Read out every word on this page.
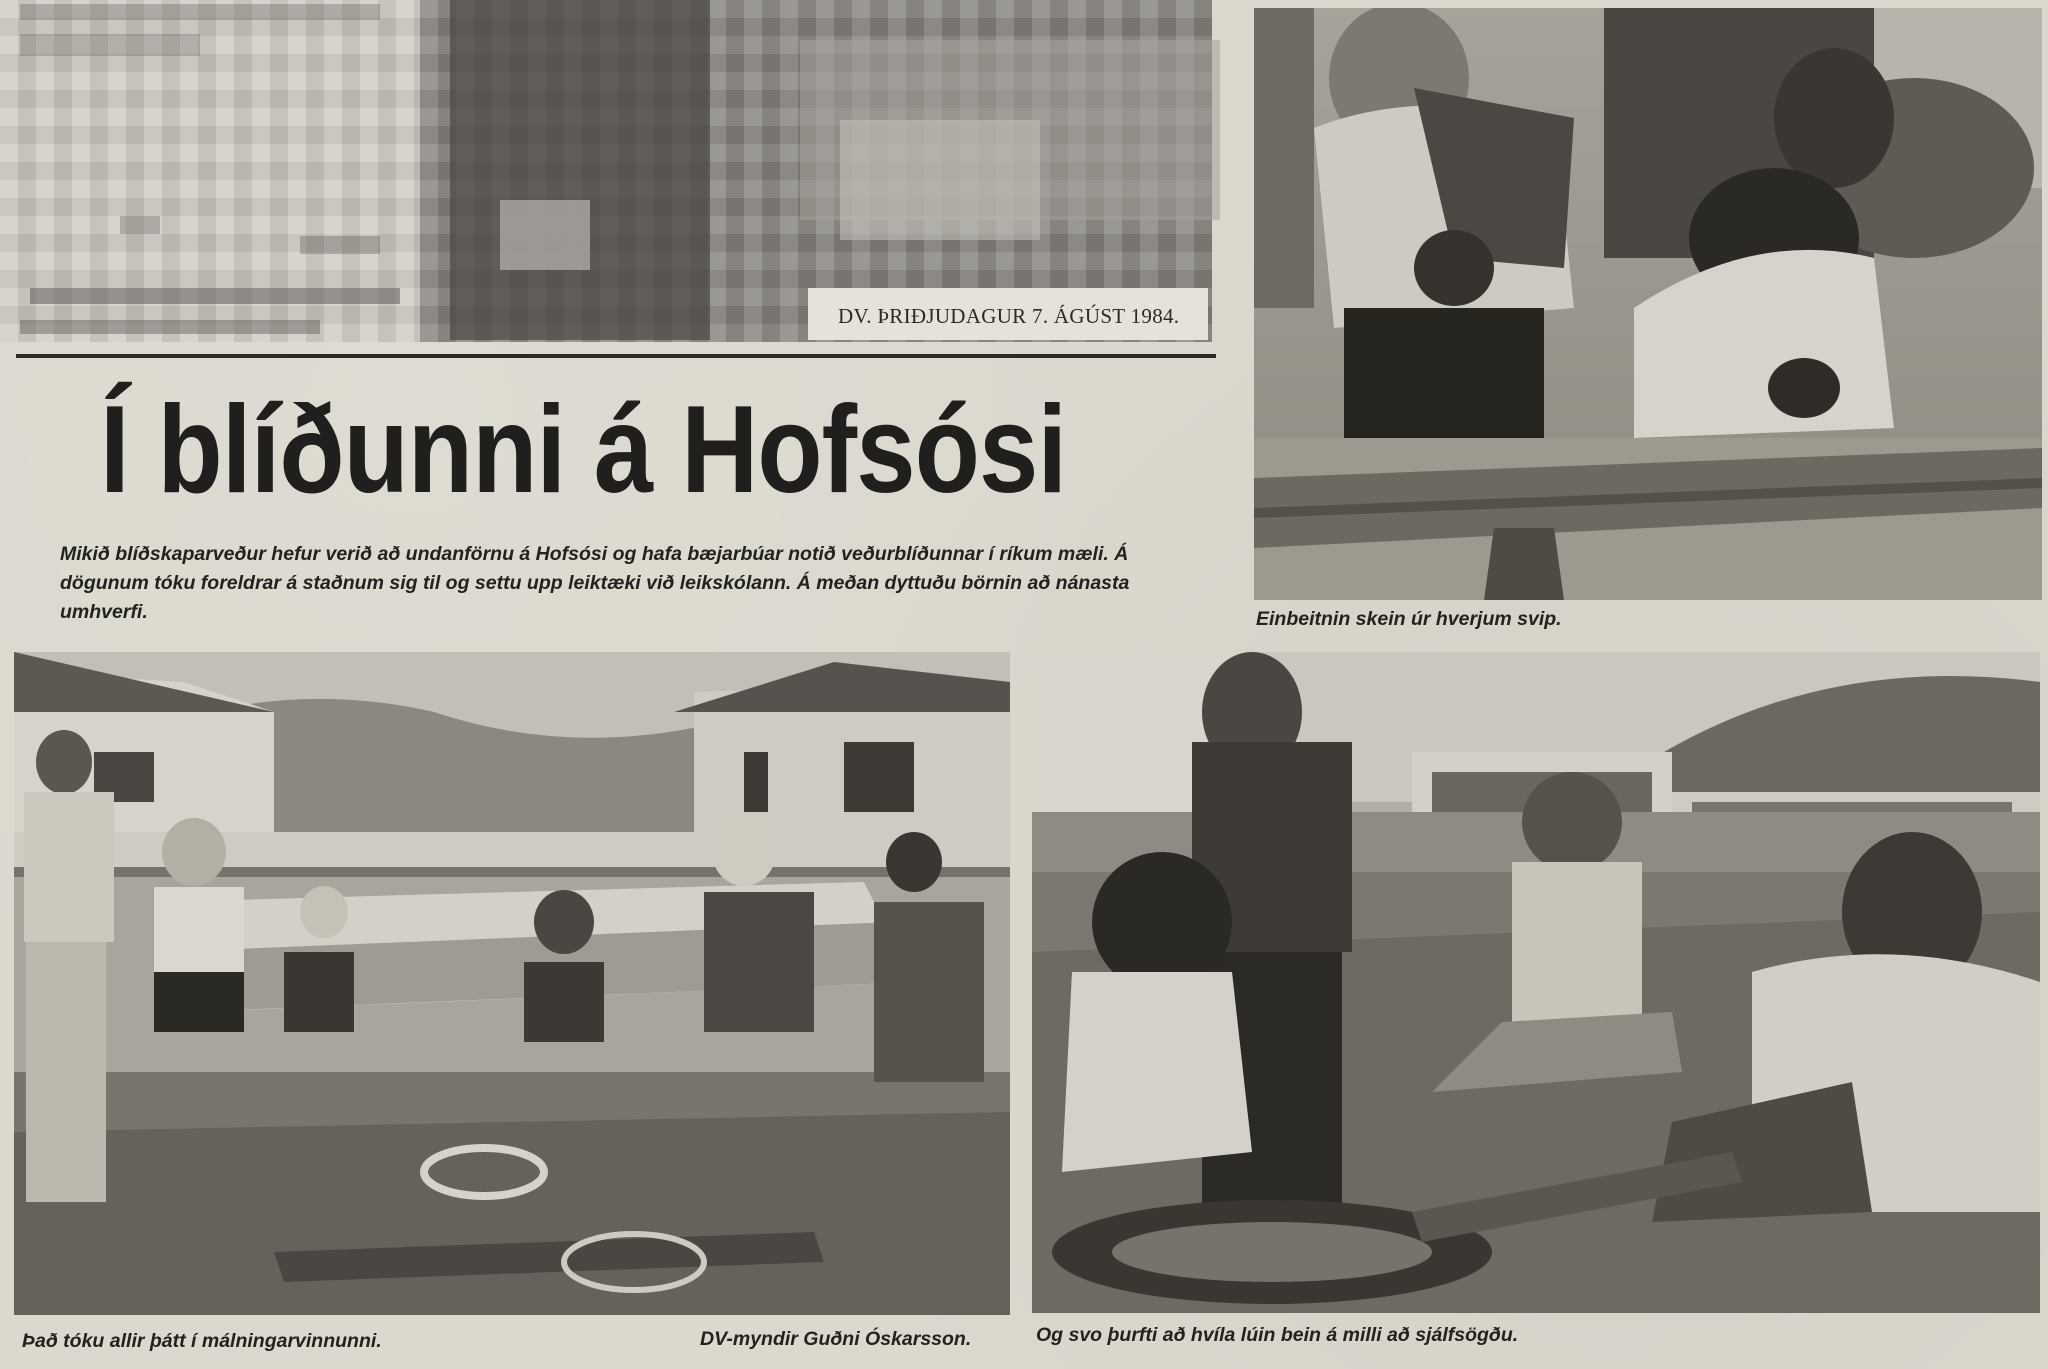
DV. ÞRIÐJUDAGUR 7. ÁGÚST 1984.
Í blíðunni á Hofsósi
Mikið blíðskaparveður hefur verið að undanförnu á Hofsósi og hafa bæjarbúar notið veðurblíðunnar í ríkum mæli. Á dögunum tóku foreldrar á staðnum sig til og settu upp leiktæki við leikskólann. Á meðan dyttuðu börnin að nánasta umhverfi.	Einbeitnin skein úr hverjum svip.
Það tóku allir þátt í málningarvinnunni.	DV-myndir Guðni Óskarsson.	Og svo þurfti að hvíla lúin bein á milli að sjálfsögðu.
